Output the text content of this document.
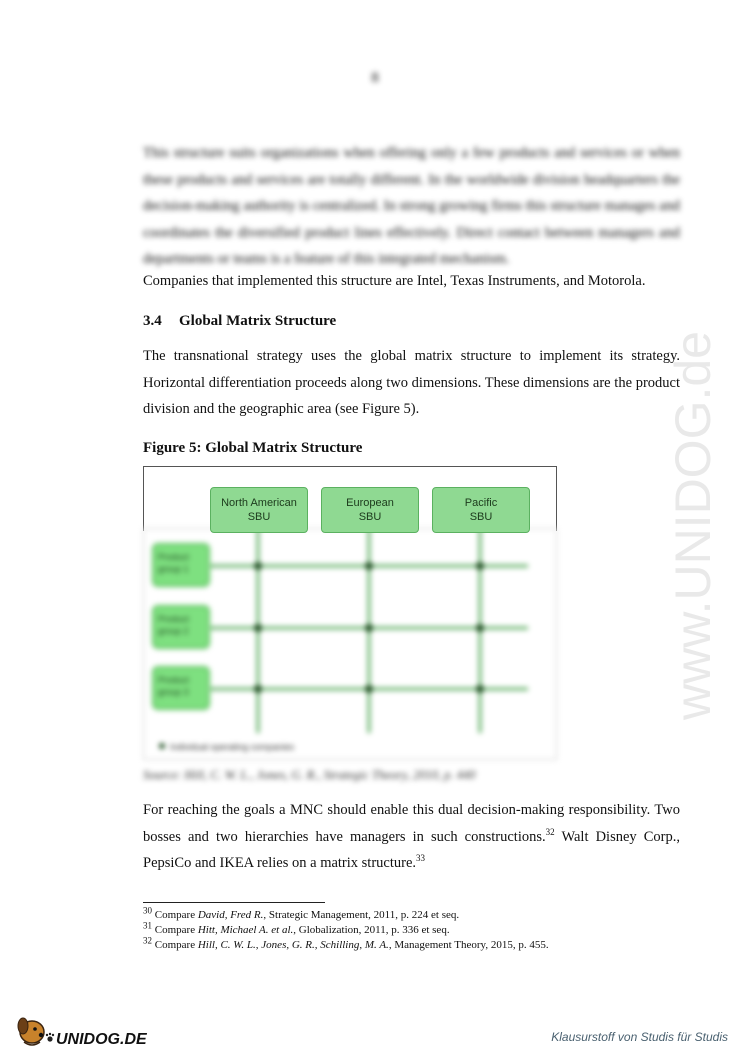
8
This structure suits organizations when offering only a few products and services or when these products and services are totally different. In the worldwide division headquarters the decision-making authority is centralized. In strong growing firms this structure manages and coordinates the diversified product lines effectively. Direct contact between managers and departments or teams is a feature of this integrated mechanism.
Companies that implemented this structure are Intel, Texas Instruments, and Motorola.
3.4 Global Matrix Structure
The transnational strategy uses the global matrix structure to implement its strategy. Horizontal differentiation proceeds along two dimensions. These dimensions are the product division and the geographic area (see Figure 5).
Figure 5: Global Matrix Structure
North American
SBU
European
SBU
Pacific
SBU
Product
group 1
Product
group 2
Product
group 3
Individual operating companies
Source: Hill, C. W. L., Jones, G. R., Strategic Theory, 2010, p. 440
For reaching the goals a MNC should enable this dual decision-making responsibility. Two bosses and two hierarchies have managers in such constructions.$^{32}$ Walt Disney Corp., PepsiCo and IKEA relies on a matrix structure.$^{33}$
$^{30}$ Compare David, Fred R., Strategic Management, 2011, p. 224 et seq.
$^{31}$ Compare Hitt, Michael A. et al., Globalization, 2011, p. 336 et seq.
$^{32}$ Compare Hill, C. W. L., Jones, G. R., Schilling, M. A., Management Theory, 2015, p. 455.
www.UNIDOG.de
UNIDOG.DE	Klausurstoff von Studis für Studis
